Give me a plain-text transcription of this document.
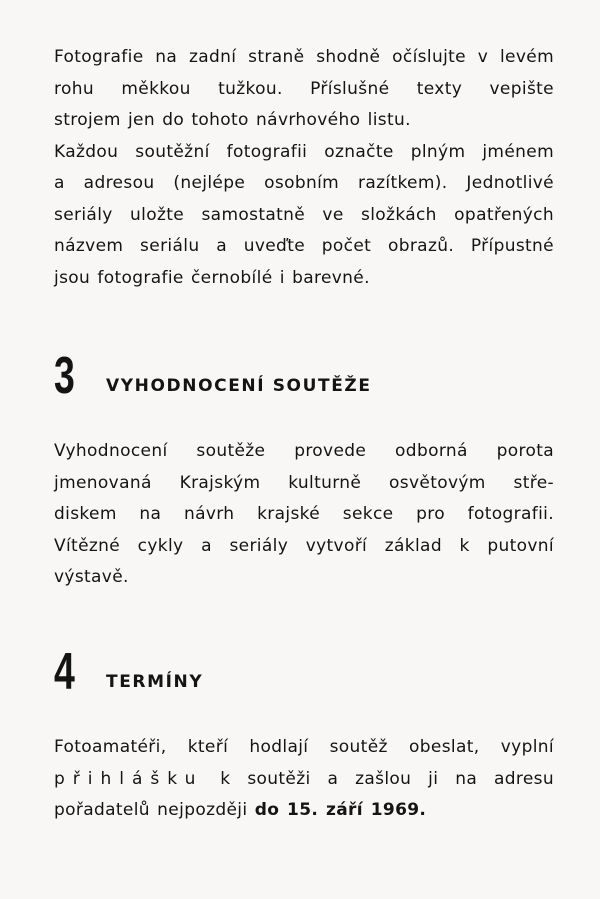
Fotografie na zadní straně shodně očíslujte v levém
rohu měkkou tužkou. Příslušné texty vepište
strojem jen do tohoto návrhového listu.
Každou soutěžní fotografii označte plným jménem
a adresou (nejlépe osobním razítkem). Jednotlivé
seriály uložte samostatně ve složkách opatřených
názvem seriálu a uveďte počet obrazů. Přípustné
jsou fotografie černobílé i barevné.
3 VYHODNOCENÍ SOUTĚŽE
Vyhodnocení soutěže provede odborná porota
jmenovaná Krajským kulturně osvětovým stře-
diskem na návrh krajské sekce pro fotografii.
Vítězné cykly a seriály vytvoří základ k putovní
výstavě.
4 TERMÍNY
Fotoamatéři, kteří hodlají soutěž obeslat, vyplní
přihlášku k soutěži a zašlou ji na adresu
pořadatelů nejpozději do 15. září 1969.
